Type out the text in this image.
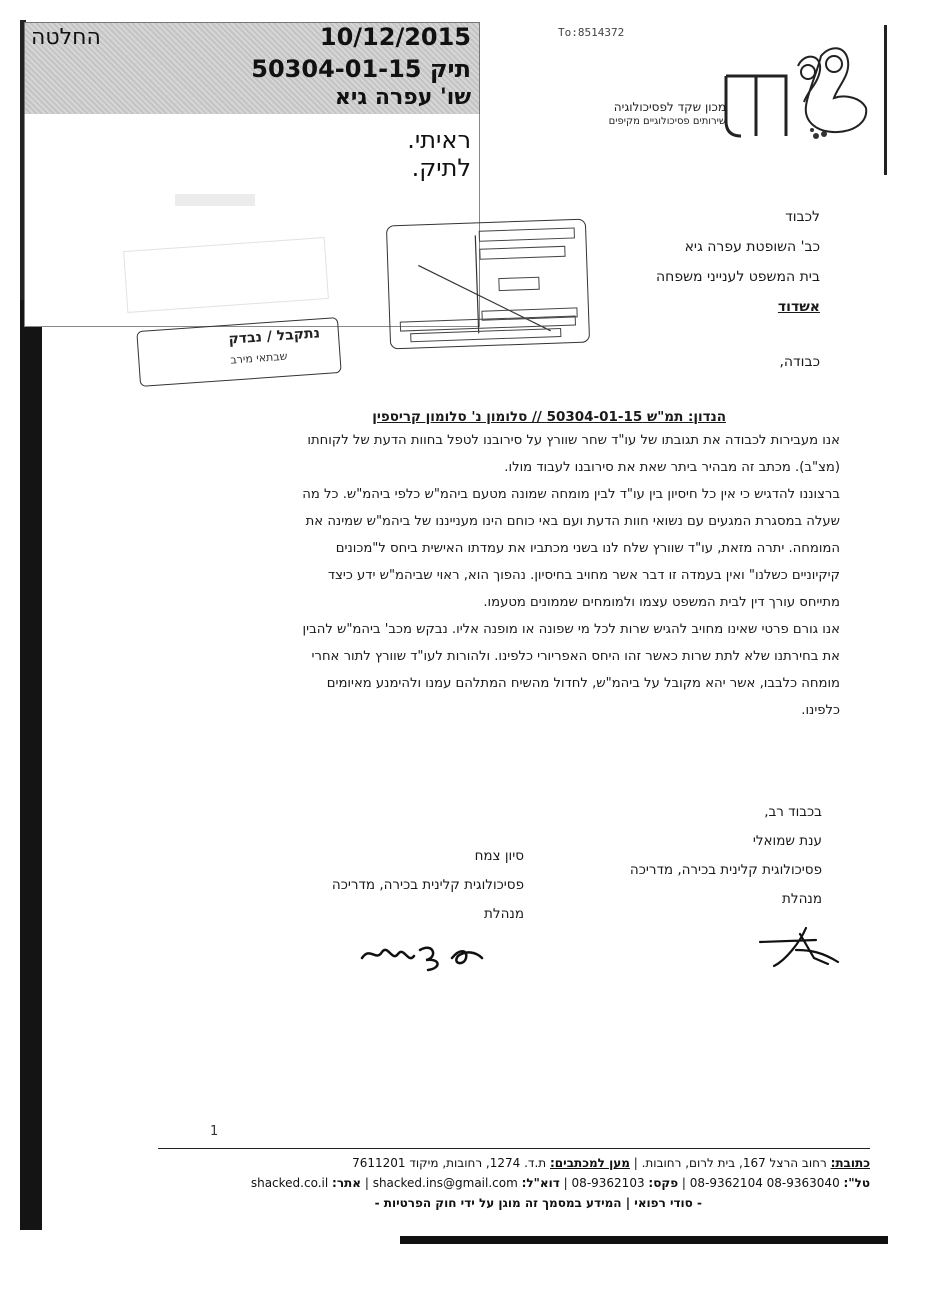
החלטה	10/12/2015
תיק 50304-01-15
שו' עפרה גיא
ראיתי.
לתיק.
נתקבל / נבדק
שבתאי מירב
To:8514372
מכון שקד לפסיכולוגיה
שירותים פסיכולוגיים מקיפים
לכבוד
כב' השופטת עפרה גיא
בית המשפט לענייני משפחה
אשדוד
כבודה,
הנדון: תמ"ש 50304-01-15 // סלומון נ' סלומון קריספין
אנו מעבירות לכבודה את תגובתו של עו"ד שחר שוורץ על סירובנו לטפל בחוות הדעת של לקוחתו
(מצ"ב). מכתב זה מבהיר ביתר שאת את סירובנו לעבוד מולו.
ברצוננו להדגיש כי אין כל חיסיון בין עו"ד לבין מומחה שמונה מטעם ביהמ"ש כלפי ביהמ"ש. כל מה
שעלה במסגרת המגעים עם נשואי חוות הדעת ועם באי כוחם הינו מענייננו של ביהמ"ש שמינה את
המומחה. יתרה מזאת, עו"ד שוורץ שלח לנו בשני מכתביו את עמדתו האישית ביחס ל"מכונים
קיקיוניים כשלנו" ואין בעמדה זו דבר אשר מחויב בחיסיון. נהפוך הוא, ראוי שביהמ"ש ידע כיצד
מתייחס עורך דין לבית המשפט עצמו ולמומחים שממונים מטעמו.
אנו גורם פרטי שאינו מחויב להגיש שרות לכל מי שפונה או מופנה אליו. נבקש מכב' ביהמ"ש להבין
את בחירתנו שלא לתת שרות כאשר זהו היחס האפריורי כלפינו. ולהורות לעו"ד שוורץ לתור אחרי
מומחה כלבבו, אשר יהא מקובל על ביהמ"ש, לחדול מהשיח המתלהם עמנו ולהימנע מאיומים
כלפינו.
בכבוד רב,
ענת שמואלי
פסיכולוגית קלינית בכירה, מדריכה
מנהלת
סיון צמח
פסיכולוגית קלינית בכירה, מדריכה
מנהלת
1
כתובת: רחוב הרצל 167, בית לרום, רחובות. | מען למכתבים: ת.ד. 1274, רחובות, מיקוד 7611201
טל": 08-9362104 08-9363040 | פקס: 08-9362103 | דוא"ל: shacked.ins@gmail.com | אתר: shacked.co.il
- סודי רפואי | המידע במסמך זה מוגן על ידי חוק הפרטיות -
